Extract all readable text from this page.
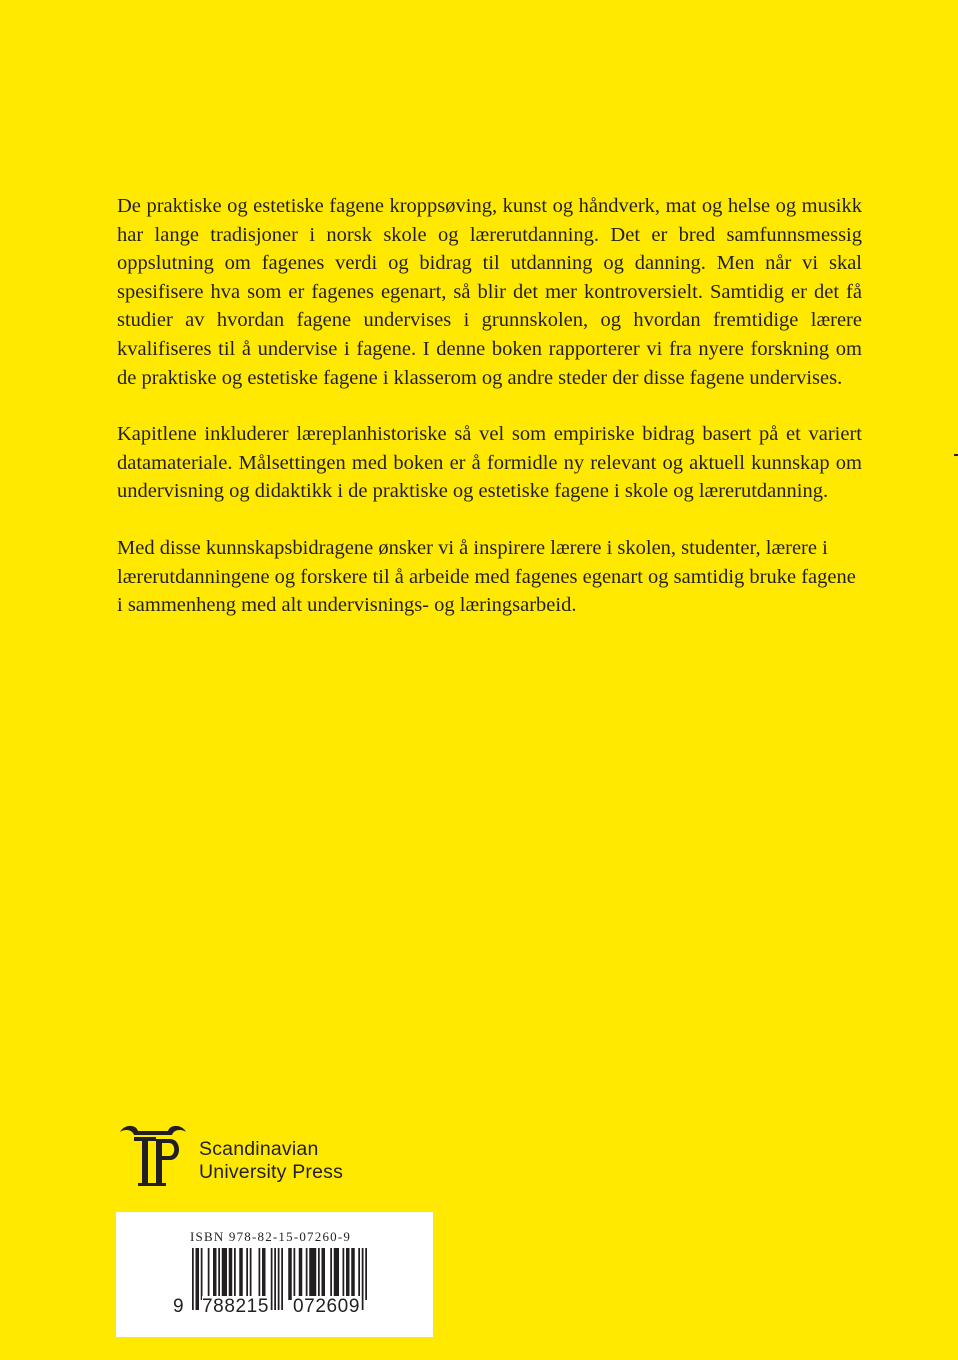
De praktiske og estetiske fagene kroppsøving, kunst og håndverk, mat og helse og musikk har lange tradisjoner i norsk skole og lærerutdanning. Det er bred samfunnsmessig oppslutning om fagenes verdi og bidrag til utdanning og danning. Men når vi skal spesifisere hva som er fagenes egenart, så blir det mer kontroversielt. Samtidig er det få studier av hvordan fagene undervises i grunnskolen, og hvordan fremtidige lærere kvalifiseres til å undervise i fagene. I denne boken rapporterer vi fra nyere forskning om de praktiske og estetiske fagene i klasserom og andre steder der disse fagene undervises.

Kapitlene inkluderer læreplanhistoriske så vel som empiriske bidrag basert på et variert datamateriale. Målsettingen med boken er å formidle ny relevant og aktuell kunnskap om undervisning og didaktikk i de praktiske og estetiske fagene i skole og lærerutdanning.

Med disse kunnskapsbidragene ønsker vi å inspirere lærere i skolen, studenter, lærere i lærerutdanningene og forskere til å arbeide med fagenes egenart og samtidig bruke fagene i sammenheng med alt undervisnings- og læringsarbeid.

Scandinavian
University Press
ISBN 978-82-15-07260-9
9 788215 072609
